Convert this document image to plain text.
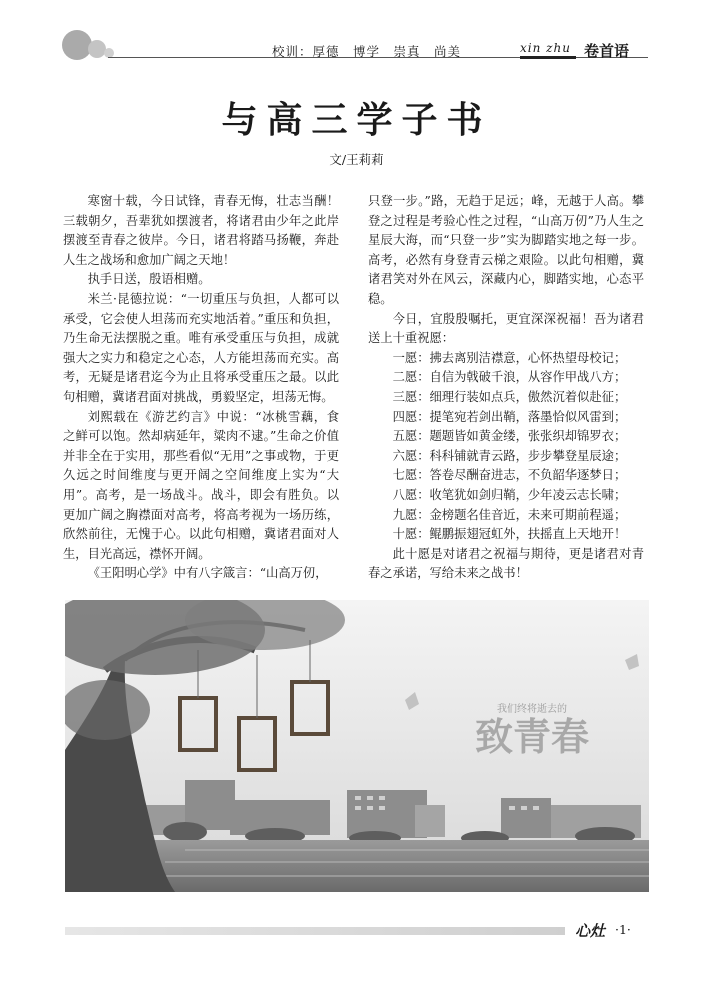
校训：厚德　博学　崇真　尚美	xin zhu 卷首语
与高三学子书
文/王莉莉

寒窗十载，今日试锋，青春无悔，壮志当酬！三载朝夕，吾辈犹如摆渡者，将诸君由少年之此岸摆渡至青春之彼岸。今日，诸君将踏马扬鞭，奔赴人生之战场和愈加广阔之天地！

执手日送，殷语相赠。

米兰·昆德拉说：“一切重压与负担，人都可以承受，它会使人坦荡而充实地活着。”重压和负担，乃生命无法摆脱之重。唯有承受重压与负担，成就强大之实力和稳定之心态，人方能坦荡而充实。高考，无疑是诸君迄今为止且将承受重压之最。以此句相赠，冀诸君面对挑战，勇毅坚定，坦荡无悔。

刘熙载在《游艺约言》中说：“冰桃雪藕，食之鲜可以饱。然却病延年，粱肉不逮。”生命之价值并非全在于实用，那些看似“无用”之事或物，于更久远之时间维度与更开阔之空间维度上实为“大用”。高考，是一场战斗。战斗，即会有胜负。以更加广阔之胸襟面对高考，将高考视为一场历练，欣然前往，无愧于心。以此句相赠，冀诸君面对人生，目光高远，襟怀开阔。

《王阳明心学》中有八字箴言：“山高万仞，

只登一步。”路，无趋于足远；峰，无越于人高。攀登之过程是考验心性之过程，“山高万仞”乃人生之星辰大海，而“只登一步”实为脚踏实地之每一步。高考，必然有身登青云梯之艰险。以此句相赠，冀诸君笑对外在风云，深藏内心，脚踏实地，心态平稳。

今日，宜殷殷嘱托，更宜深深祝福！吾为诸君送上十重祝愿：

一愿：拂去离别洁襟意，心怀热望母校记；

二愿：自信为戟破千浪，从容作甲战八方；

三愿：细理行装如点兵，傲然沉着似赴征；

四愿：提笔宛若剑出鞘，落墨恰似风雷到；

五愿：题题皆如黄金缕，张张织却锦罗衣；

六愿：科科铺就青云路，步步攀登星辰途；

七愿：答卷尽酬奋进志，不负韶华逐梦日；

八愿：收笔犹如剑归鞘，少年凌云志长啸；

九愿：金榜题名佳音近，未来可期前程遥；

十愿：鲲鹏振翅冠虹外，扶摇直上天地开！

此十愿是对诸君之祝福与期待，更是诸君对青春之承诺，写给未来之战书！

致青春
我们终将逝去的
心灶 ·1·
